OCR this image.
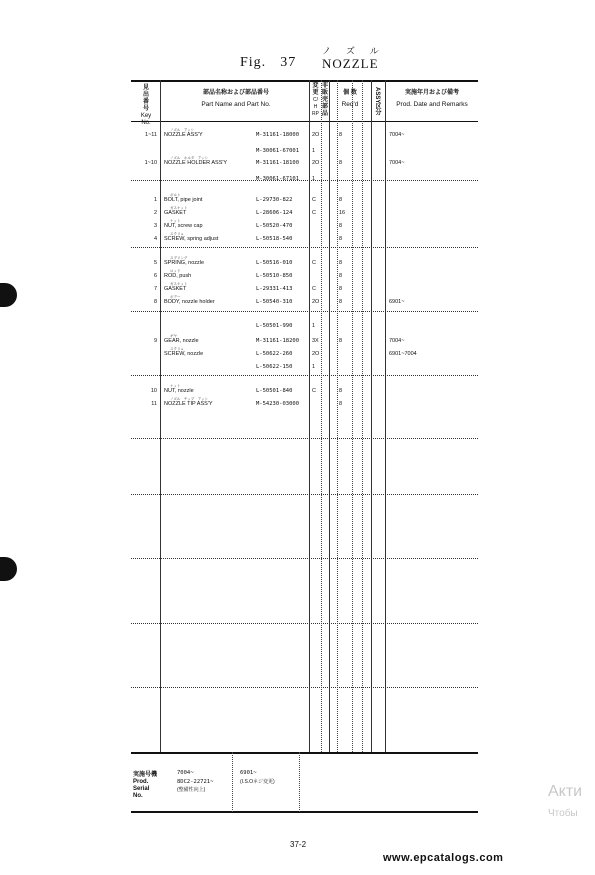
Fig. 37
ノ ズ ル
NOZZLE
見出番号
Key No.
部品名称および部品番号
Part Name and Part No.
変更
C/H RP
非販売部品
個 数
Req'd	ASSY区分	実施年月および備考
Prod. Date and Remarks
1~11 NOZZLE ASS'Y	M-31161-18000 2O	8	7004~
ノズル　アッシ
M-30061-67001 1
1~10 NOZZLE HOLDER ASS'Y	M-31161-18100 2O	8	7004~
ノズル　ホルダ　アッシ
M-30061-67101 1
1 BOLT, pipe joint	L-29730-822	C	8
ボルト
2 GASKET	L-28606-124	C	16
ガスケット
3 NUT, screw cap	L-50520-470	8
ナット
4 SCREW, spring adjust	L-50518-540	8
スクリュ
5 SPRING, nozzle	L-50516-010	C	8
スプリング
6 ROD, push	L-50510-850	8
ロッド
7 GASKET	L-29331-413	C	8
ガスケット
8 BODY, nozzle holder	L-50540-310	2O	8	6901~
ボデー
L-50501-990	1
9 GEAR, nozzle	M-31161-18200 3X	8	7004~
ギヤ
SCREW, nozzle	L-50622-260	2O	6901~7004
スクリュ
L-50622-150	1
10 NUT, nozzle	L-50501-840	C	8
ナット
11 NOZZLE TIP ASS'Y	M-54230-03000	8
ノズル　チップ　アッシ
実施号機
Prod. Serial No.
7004~
8DC2-22721~
(整備性向上)
6901~
(I.S.Oネジ変更)
37-2
www.epcatalogs.com
Акти
Чтобы
